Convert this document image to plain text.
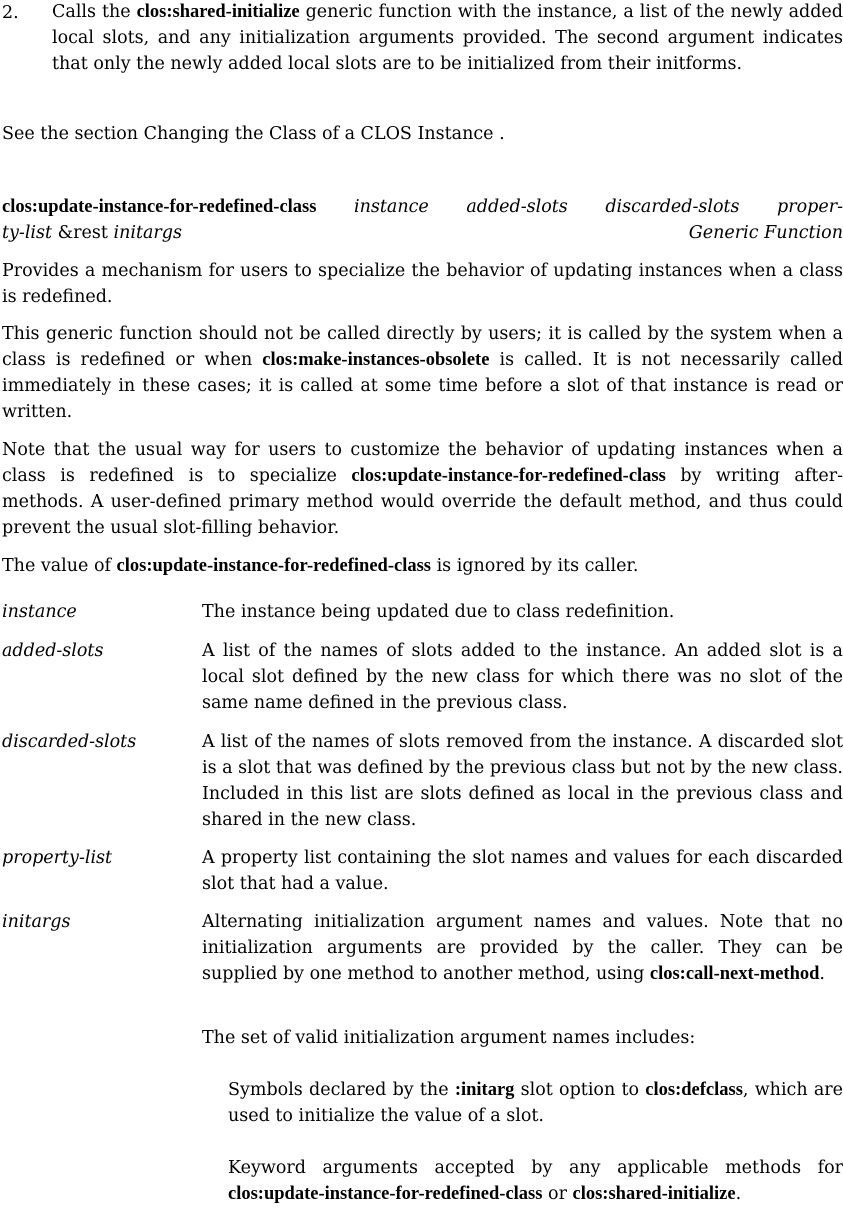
2. Calls the clos:shared-initialize generic function with the instance, a list of the newly added local slots, and any initialization arguments provided. The second argument indicates that only the newly added local slots are to be initialized from their initforms.

See the section Changing the Class of a CLOS Instance .

clos:update-instance-for-redefined-class instance added-slots discarded-slots proper-
ty-list &rest initargs	Generic Function

Provides a mechanism for users to specialize the behavior of updating instances when a class is redefined.

This generic function should not be called directly by users; it is called by the system when a class is redefined or when clos:make-instances-obsolete is called. It is not necessarily called immediately in these cases; it is called at some time before a slot of that instance is read or written.

Note that the usual way for users to customize the behavior of updating instances when a class is redefined is to specialize clos:update-instance-for-redefined-class by writing after-methods. A user-defined primary method would override the default method, and thus could prevent the usual slot-filling behavior.

The value of clos:update-instance-for-redefined-class is ignored by its caller.

instance	The instance being updated due to class redefinition.

added-slots	A list of the names of slots added to the instance. An added slot is a local slot defined by the new class for which there was no slot of the same name defined in the previous class.

discarded-slots	A list of the names of slots removed from the instance. A discarded slot is a slot that was defined by the previous class but not by the new class. Included in this list are slots defined as local in the previous class and shared in the new class.

property-list	A property list containing the slot names and values for each discarded slot that had a value.

initargs	Alternating initialization argument names and values. Note that no initialization arguments are provided by the caller. They can be supplied by one method to another method, using clos:call-next-method.

The set of valid initialization argument names includes:

Symbols declared by the :initarg slot option to clos:defclass, which are used to initialize the value of a slot.

Keyword arguments accepted by any applicable methods for clos:update-instance-for-redefined-class or clos:shared-initialize.
